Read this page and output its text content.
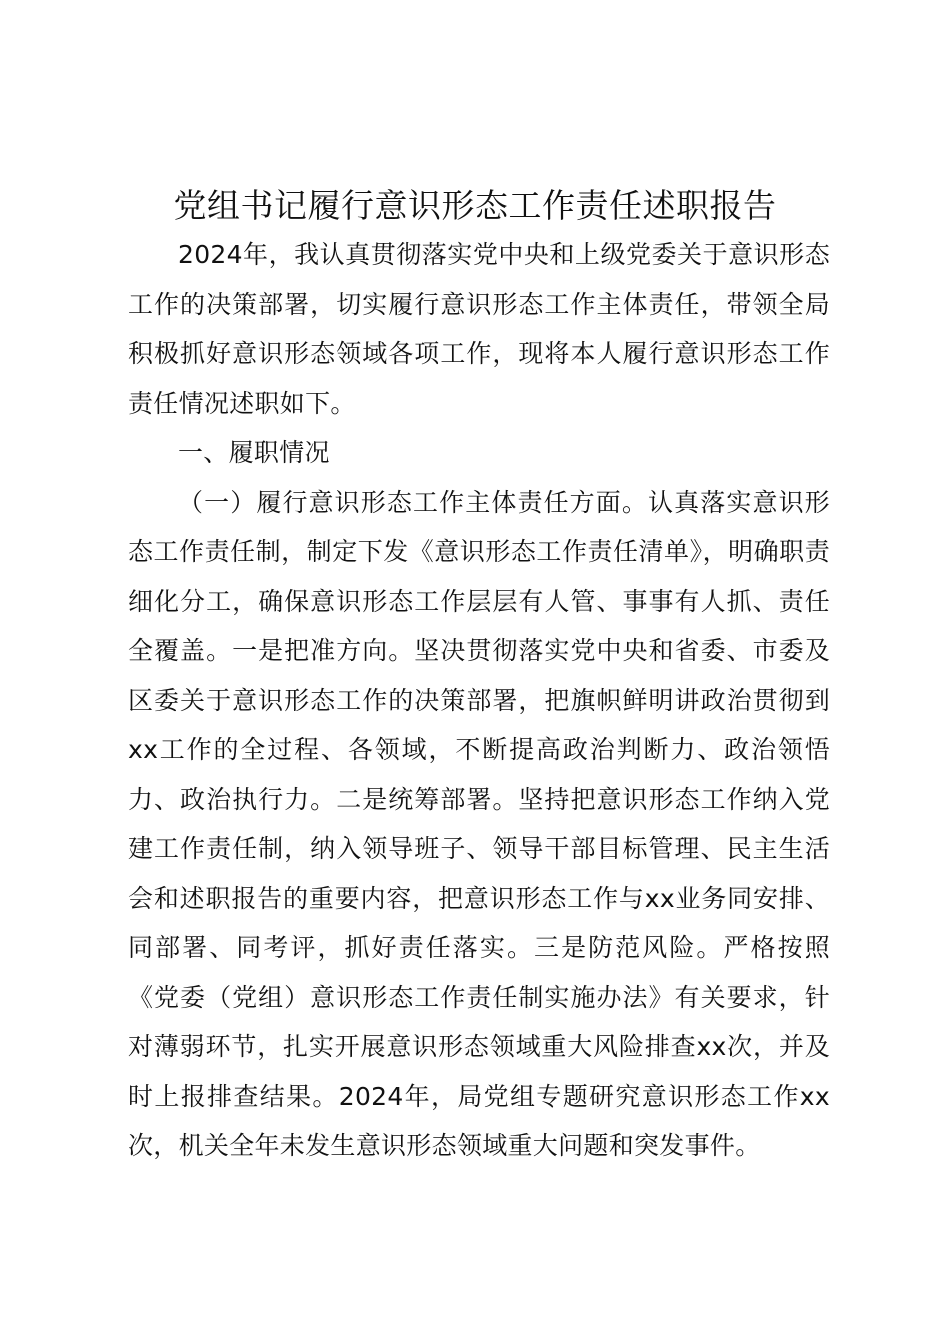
党组书记履行意识形态工作责任述职报告

2024年，我认真贯彻落实党中央和上级党委关于意识形态工作的决策部署，切实履行意识形态工作主体责任，带领全局积极抓好意识形态领域各项工作，现将本人履行意识形态工作责任情况述职如下。

一、履职情况

（一）履行意识形态工作主体责任方面。认真落实意识形态工作责任制，制定下发《意识形态工作责任清单》，明确职责细化分工，确保意识形态工作层层有人管、事事有人抓、责任全覆盖。一是把准方向。坚决贯彻落实党中央和省委、市委及区委关于意识形态工作的决策部署，把旗帜鲜明讲政治贯彻到xx工作的全过程、各领域，不断提高政治判断力、政治领悟力、政治执行力。二是统筹部署。坚持把意识形态工作纳入党建工作责任制，纳入领导班子、领导干部目标管理、民主生活会和述职报告的重要内容，把意识形态工作与xx业务同安排、同部署、同考评，抓好责任落实。三是防范风险。严格按照《党委（党组）意识形态工作责任制实施办法》有关要求，针对薄弱环节，扎实开展意识形态领域重大风险排查xx次，并及时上报排查结果。2024年，局党组专题研究意识形态工作xx次，机关全年未发生意识形态领域重大问题和突发事件。
